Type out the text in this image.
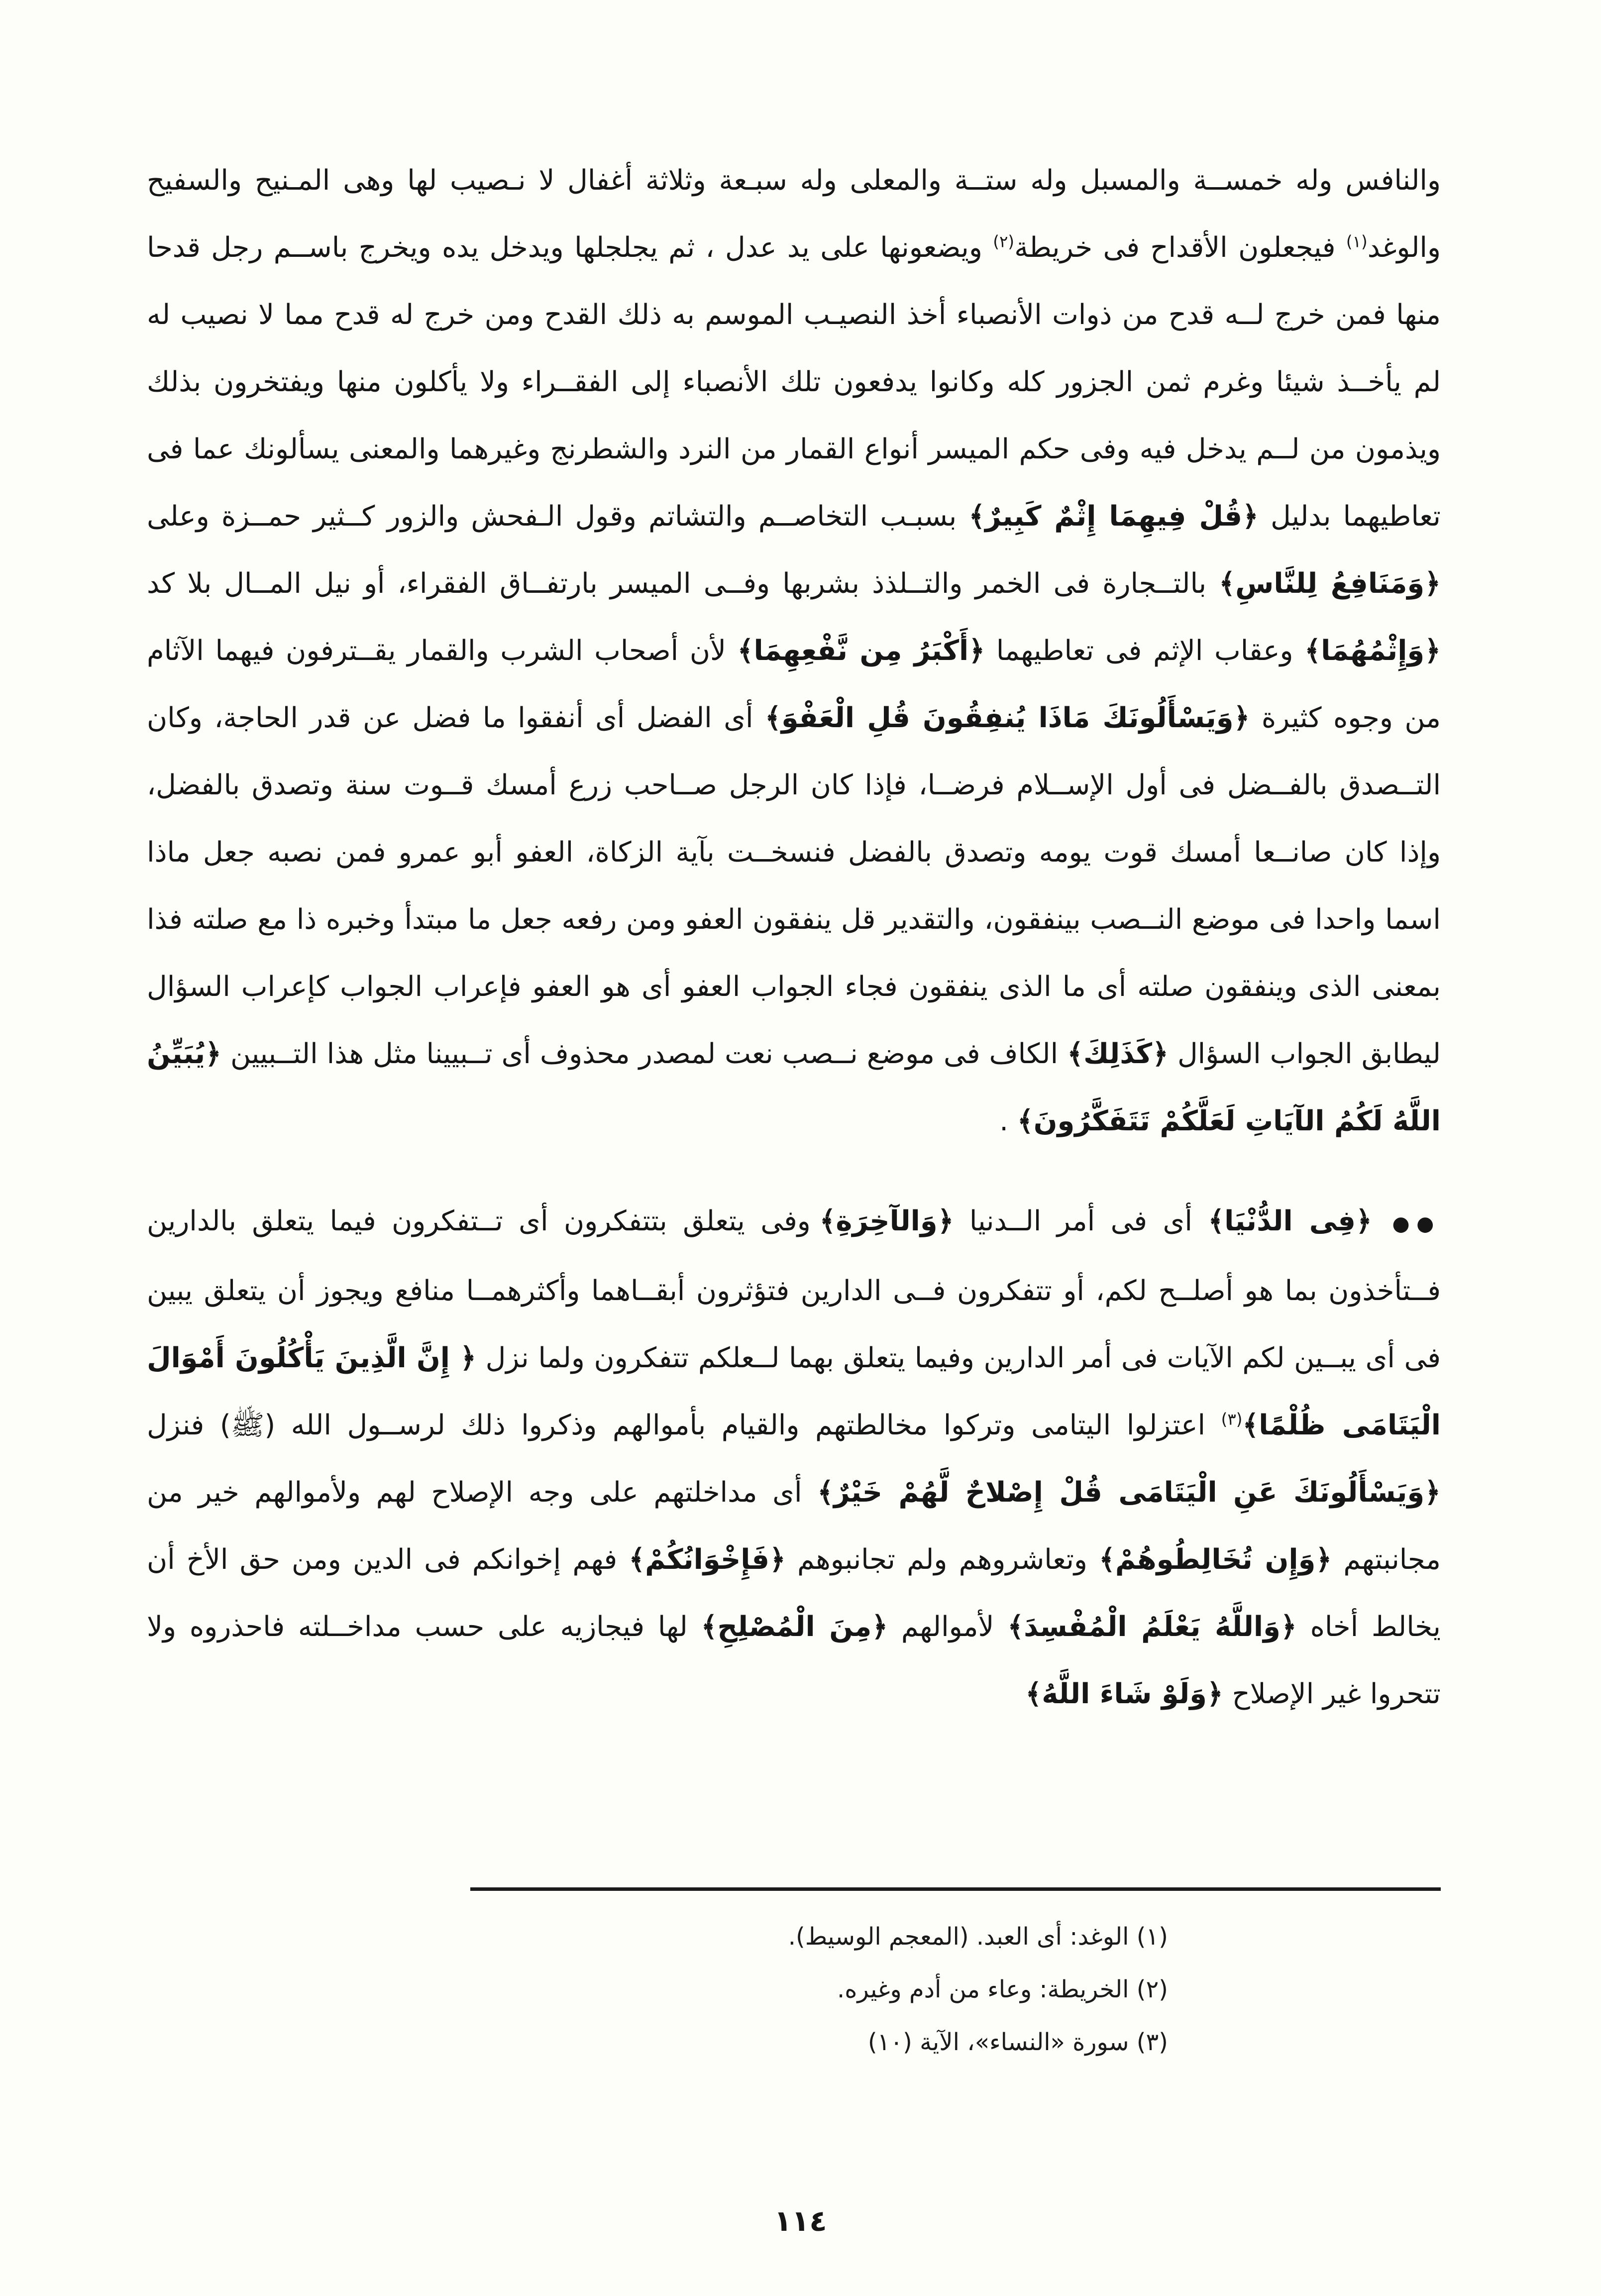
والنافس وله خمســة والمسبل وله ستــة والمعلى وله سبـعة وثلاثة أغفال لا نـصيب لها وهى المـنيح والسفيح والوغد$^{(١)}$ فيجعلون الأقداح فى خريطة$^{(٢)}$ ويضعونها على يد عدل ، ثم يجلجلها ويدخل يده ويخرج باســم رجل قدحا منها فمن خرج لــه قدح من ذوات الأنصباء أخذ النصيـب الموسم به ذلك القدح ومن خرج له قدح مما لا نصيب له لم يأخــذ شيئا وغرم ثمن الجزور كله وكانوا يدفعون تلك الأنصباء إلى الفقــراء ولا يأكلون منها ويفتخرون بذلك ويذمون من لــم يدخل فيه وفى حكم الميسر أنواع القمار من النرد والشطرنج وغيرهما والمعنى يسألونك عما فى تعاطيهما بدليل ﴿قُلْ فِيهِمَا إِثْمٌ كَبِيرٌ﴾ بسبـب التخاصــم والتشاتم وقول الـفحش والزور كــثير حمــزة وعلى ﴿وَمَنَافِعُ لِلنَّاسِ﴾ بالتــجارة فى الخمر والتــلذذ بشربها وفــى الميسر بارتفــاق الفقراء، أو نيل المــال بلا كد ﴿وَإِثْمُهُمَا﴾ وعقاب الإثم فى تعاطيهما ﴿أَكْبَرُ مِن نَّفْعِهِمَا﴾ لأن أصحاب الشرب والقمار يقــترفون فيهما الآثام من وجوه كثيرة ﴿وَيَسْأَلُونَكَ مَاذَا يُنفِقُونَ قُلِ الْعَفْوَ﴾ أى الفضل أى أنفقوا ما فضل عن قدر الحاجة، وكان التــصدق بالفــضل فى أول الإســلام فرضــا، فإذا كان الرجل صــاحب زرع أمسك قــوت سنة وتصدق بالفضل، وإذا كان صانــعا أمسك قوت يومه وتصدق بالفضل فنسخــت بآية الزكاة، العفو أبو عمرو فمن نصبه جعل ماذا اسما واحدا فى موضع النــصب بينفقون، والتقدير قل ينفقون العفو ومن رفعه جعل ما مبتدأ وخبره ذا مع صلته فذا بمعنى الذى وينفقون صلته أى ما الذى ينفقون فجاء الجواب العفو أى هو العفو فإعراب الجواب كإعراب السؤال ليطابق الجواب السؤال ﴿كَذَلِكَ﴾ الكاف فى موضع نــصب نعت لمصدر محذوف أى تــبيينا مثل هذا التــبيين ﴿يُبَيِّنُ اللَّهُ لَكُمُ الآيَاتِ لَعَلَّكُمْ تَتَفَكَّرُونَ﴾ .

●● ﴿فِى الدُّنْيَا﴾ أى فى أمر الــدنيا ﴿وَالآخِرَةِ﴾ وفى يتعلق بتتفكرون أى تــتفكرون فيما يتعلق بالدارين فــتأخذون بما هو أصلــح لكم، أو تتفكرون فــى الدارين فتؤثرون أبقــاهما وأكثرهمــا منافع ويجوز أن يتعلق يبين فى أى يبــين لكم الآيات فى أمر الدارين وفيما يتعلق بهما لــعلكم تتفكرون ولما نزل ﴿ إِنَّ الَّذِينَ يَأْكُلُونَ أَمْوَالَ الْيَتَامَى ظُلْمًا﴾$^{(٣)}$ اعتزلوا اليتامى وتركوا مخالطتهم والقيام بأموالهم وذكروا ذلك لرســول الله (ﷺ) فنزل ﴿وَيَسْأَلُونَكَ عَنِ الْيَتَامَى قُلْ إِصْلاحٌ لَّهُمْ خَيْرٌ﴾ أى مداخلتهم على وجه الإصلاح لهم ولأموالهم خير من مجانبتهم ﴿وَإِن تُخَالِطُوهُمْ﴾ وتعاشروهم ولم تجانبوهم ﴿فَإِخْوَانُكُمْ﴾ فهم إخوانكم فى الدين ومن حق الأخ أن يخالط أخاه ﴿وَاللَّهُ يَعْلَمُ الْمُفْسِدَ﴾ لأموالهم ﴿مِنَ الْمُصْلِحِ﴾ لها فيجازيه على حسب مداخــلته فاحذروه ولا تتحروا غير الإصلاح ﴿وَلَوْ شَاءَ اللَّهُ﴾

(١) الوغد: أى العبد. (المعجم الوسيط).

(٢) الخريطة: وعاء من أدم وغيره.

(٣) سورة «النساء»، الآية (١٠)

١١٤
